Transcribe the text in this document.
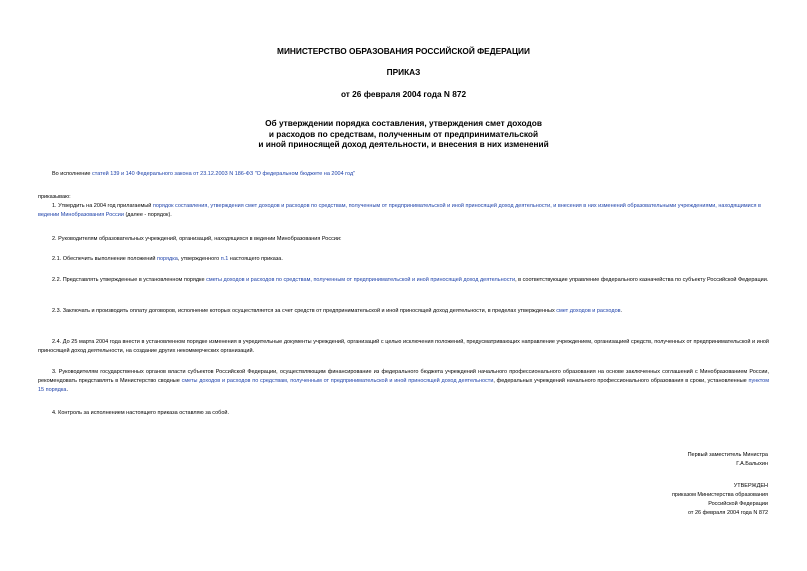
МИНИСТЕРСТВО ОБРАЗОВАНИЯ РОССИЙСКОЙ ФЕДЕРАЦИИ
ПРИКАЗ
от 26 февраля 2004 года N 872
Об утверждении порядка составления, утверждения смет доходов
и расходов по средствам, полученным от предпринимательской
и иной приносящей доход деятельности, и внесения в них изменений
Во исполнение статей 139 и 140 Федерального закона от 23.12.2003 N 186-ФЗ "О федеральном бюджете на 2004 год"
приказываю:
1. Утвердить на 2004 год прилагаемый порядок составления, утверждения смет доходов и расходов по средствам, полученным от предпринимательской и иной приносящей доход деятельности, и внесения в них изменений образовательными учреждениями, находящимися в ведении Минобразования России (далее - порядок).
2. Руководителям образовательных учреждений, организаций, находящихся в ведении Минобразования России:
2.1. Обеспечить выполнение положений порядка, утвержденного п.1 настоящего приказа.
2.2. Представлять утвержденные в установленном порядке сметы доходов и расходов по средствам, полученным от предпринимательской и иной приносящей доход деятельности, в соответствующие управление федерального казначейства по субъекту Российской Федерации.
2.3. Заключать и производить оплату договоров, исполнение которых осуществляется за счет средств от предпринимательской и иной приносящей доход деятельности, в пределах утвержденных смет доходов и расходов.
2.4. До 25 марта 2004 года внести в установленном порядке изменения в учредительные документы учреждений, организаций с целью исключения положений, предусматривающих направление учреждением, организацией средств, полученных от предпринимательской и иной приносящей доход деятельности, на создание других некоммерческих организаций.
3. Руководителям государственных органов власти субъектов Российской Федерации, осуществляющим финансирование из федерального бюджета учреждений начального профессионального образования на основе заключенных соглашений с Минобразованием России, рекомендовать представлять в Министерство сводные сметы доходов и расходов по средствам, полученным от предпринимательской и иной приносящей доход деятельности, федеральных учреждений начального профессионального образования в сроки, установленные пунктом 15 порядка.
4. Контроль за исполнением настоящего приказа оставляю за собой.
Первый заместитель Министра
Г.А.Балыхин
УТВЕРЖДЕН
приказом Министерства образования
Российской Федерации
от 26 февраля 2004 года N 872
